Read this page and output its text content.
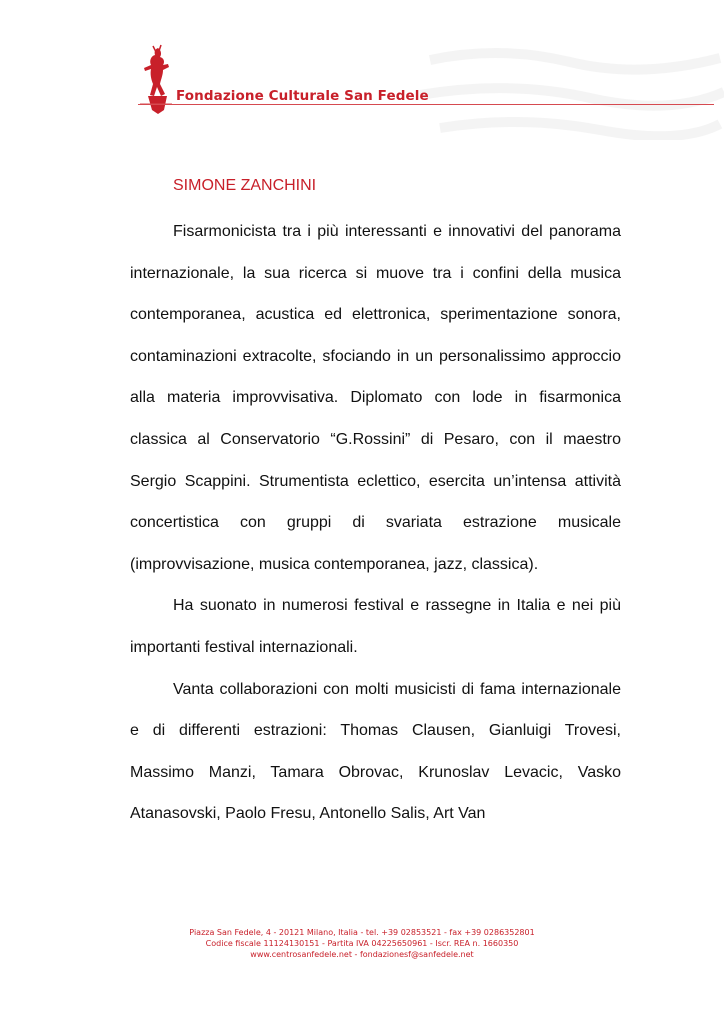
Fondazione Culturale San Fedele
SIMONE ZANCHINI

Fisarmonicista tra i più interessanti e innovativi del panorama internazionale, la sua ricerca si muove tra i confini della musica contemporanea, acustica ed elettronica, sperimentazione sonora, contaminazioni extracolte, sfociando in un personalissimo approccio alla materia improvvisativa. Diplomato con lode in fisarmonica classica al Conservatorio “G.Rossini” di Pesaro, con il maestro Sergio Scappini. Strumentista eclettico, esercita un’intensa attività concertistica con gruppi di svariata estrazione musicale (improvvisazione, musica contemporanea, jazz, classica).

Ha suonato in numerosi festival e rassegne in Italia e nei più importanti festival internazionali.

Vanta collaborazioni con molti musicisti di fama internazionale e di differenti estrazioni: Thomas Clausen, Gianluigi Trovesi, Massimo Manzi, Tamara Obrovac, Krunoslav Levacic, Vasko Atanasovski, Paolo Fresu, Antonello Salis, Art Van

Piazza San Fedele, 4 - 20121 Milano, Italia - tel. +39 02853521 - fax +39 0286352801
Codice fiscale 11124130151 - Partita IVA 04225650961 - Iscr. REA n. 1660350
www.centrosanfedele.net - fondazionesf@sanfedele.net
